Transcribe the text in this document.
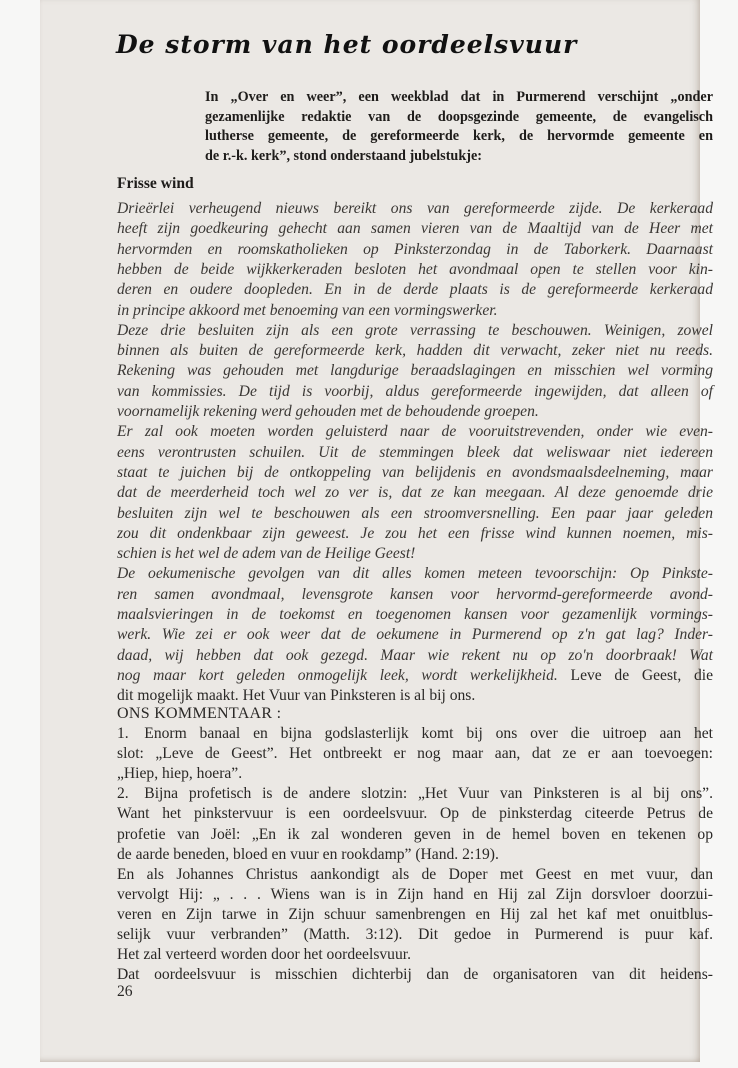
De storm van het oordeelsvuur
In „Over en weer”, een weekblad dat in Purmerend verschijnt „onder
gezamenlijke redaktie van de doopsgezinde gemeente, de evangelisch
lutherse gemeente, de gereformeerde kerk, de hervormde gemeente en
de r.-k. kerk”, stond onderstaand jubelstukje:
Frisse wind
Drieërlei verheugend nieuws bereikt ons van gereformeerde zijde. De kerkeraad
heeft zijn goedkeuring gehecht aan samen vieren van de Maaltijd van de Heer met
hervormden en roomskatholieken op Pinksterzondag in de Taborkerk. Daarnaast
hebben de beide wijkkerkeraden besloten het avondmaal open te stellen voor kin-
deren en oudere doopleden. En in de derde plaats is de gereformeerde kerkeraad
in principe akkoord met benoeming van een vormingswerker.
Deze drie besluiten zijn als een grote verrassing te beschouwen. Weinigen, zowel
binnen als buiten de gereformeerde kerk, hadden dit verwacht, zeker niet nu reeds.
Rekening was gehouden met langdurige beraadslagingen en misschien wel vorming
van kommissies. De tijd is voorbij, aldus gereformeerde ingewijden, dat alleen of
voornamelijk rekening werd gehouden met de behoudende groepen.
Er zal ook moeten worden geluisterd naar de vooruitstrevenden, onder wie even-
eens verontrusten schuilen. Uit de stemmingen bleek dat weliswaar niet iedereen
staat te juichen bij de ontkoppeling van belijdenis en avondsmaalsdeelneming, maar
dat de meerderheid toch wel zo ver is, dat ze kan meegaan. Al deze genoemde drie
besluiten zijn wel te beschouwen als een stroomversnelling. Een paar jaar geleden
zou dit ondenkbaar zijn geweest. Je zou het een frisse wind kunnen noemen, mis-
schien is het wel de adem van de Heilige Geest!
De oekumenische gevolgen van dit alles komen meteen tevoorschijn: Op Pinkste-
ren samen avondmaal, levensgrote kansen voor hervormd-gereformeerde avond-
maalsvieringen in de toekomst en toegenomen kansen voor gezamenlijk vormings-
werk. Wie zei er ook weer dat de oekumene in Purmerend op z'n gat lag? Inder-
daad, wij hebben dat ook gezegd. Maar wie rekent nu op zo'n doorbraak! Wat
nog maar kort geleden onmogelijk leek, wordt werkelijkheid. Leve de Geest, die
dit mogelijk maakt. Het Vuur van Pinksteren is al bij ons.
ONS KOMMENTAAR :
1. Enorm banaal en bijna godslasterlijk komt bij ons over die uitroep aan het
slot: „Leve de Geest”. Het ontbreekt er nog maar aan, dat ze er aan toevoegen:
„Hiep, hiep, hoera”.
2. Bijna profetisch is de andere slotzin: „Het Vuur van Pinksteren is al bij ons”.
Want het pinkstervuur is een oordeelsvuur. Op de pinksterdag citeerde Petrus de
profetie van Joël: „En ik zal wonderen geven in de hemel boven en tekenen op
de aarde beneden, bloed en vuur en rookdamp” (Hand. 2:19).
En als Johannes Christus aankondigt als de Doper met Geest en met vuur, dan
vervolgt Hij: „ . . . Wiens wan is in Zijn hand en Hij zal Zijn dorsvloer doorzui-
veren en Zijn tarwe in Zijn schuur samenbrengen en Hij zal het kaf met onuitblus-
selijk vuur verbranden” (Matth. 3:12). Dit gedoe in Purmerend is puur kaf.
Het zal verteerd worden door het oordeelsvuur.
Dat oordeelsvuur is misschien dichterbij dan de organisatoren van dit heidens-
26
